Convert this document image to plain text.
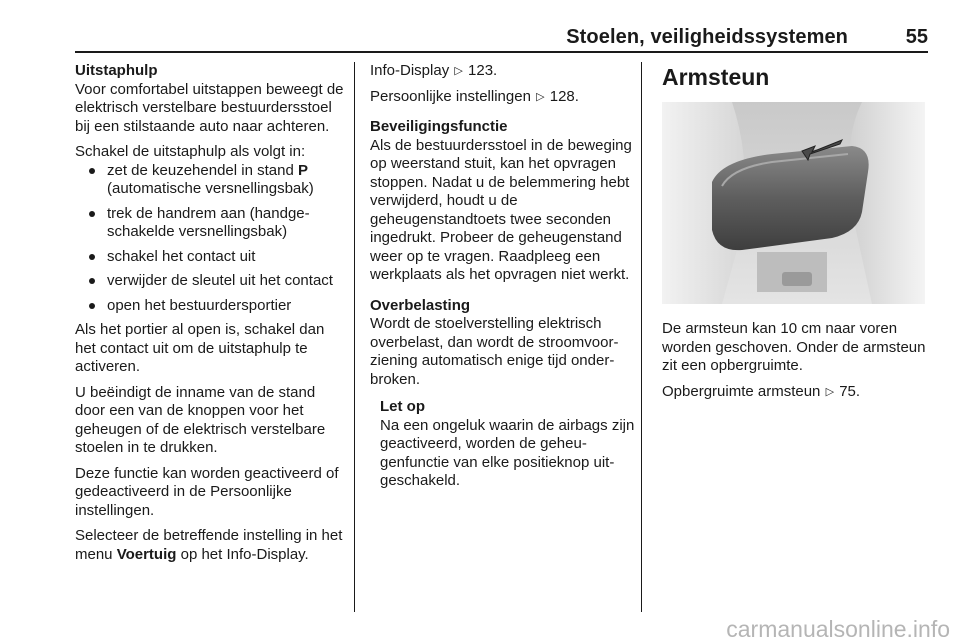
Stoelen, veiligheidssystemen	55

Uitstaphulp

Voor comfortabel uitstappen beweegt de elektrisch verstelbare bestuurdersstoel bij een stilstaande auto naar achteren.

Schakel de uitstaphulp als volgt in:

zet de keuzehendel in stand P (automatische versnellingsbak)
trek de handrem aan (handgeschakelde versnellingsbak)
schakel het contact uit
verwijder de sleutel uit het contact
open het bestuurdersportier

Als het portier al open is, schakel dan het contact uit om de uitstaphulp te activeren.

U beëindigt de inname van de stand door een van de knoppen voor het geheugen of de elektrisch verstelbare stoelen in te drukken.

Deze functie kan worden geactiveerd of gedeactiveerd in de Persoonlijke instellingen.

Selecteer de betreffende instelling in het menu Voertuig op het Info-Display.

Info-Display ▷ 123.

Persoonlijke instellingen ▷ 128.

Beveiligingsfunctie

Als de bestuurdersstoel in de beweging op weerstand stuit, kan het opvragen stoppen. Nadat u de belemmering hebt verwijderd, houdt u de geheugenstandtoets twee seconden ingedrukt. Probeer de geheugenstand weer op te vragen. Raadpleeg een werkplaats als het opvragen niet werkt.

Overbelasting

Wordt de stoelverstelling elektrisch overbelast, dan wordt de stroomvoorziening automatisch enige tijd onderbroken.

Let op

Na een ongeluk waarin de airbags zijn geactiveerd, worden de geheugenfunctie van elke positieknop uitgeschakeld.

Armsteun

De armsteun kan 10 cm naar voren worden geschoven. Onder de armsteun zit een opbergruimte.

Opbergruimte armsteun ▷ 75.

carmanualsonline.info
